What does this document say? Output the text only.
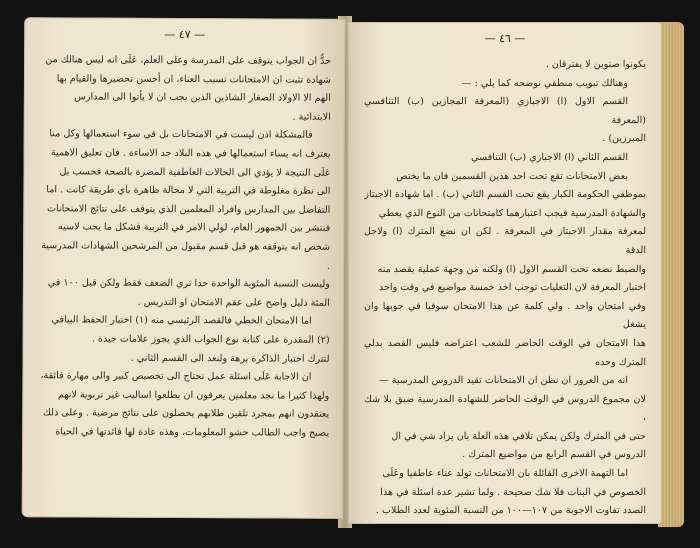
— ٤٧ —

حدٌّ ان الجواب يتوقف على المدرسة وعلى العلم، عَلَى انه ليس هنالك من

شهادة تثبت ان الامتحانات تسبب العناء، ان أحسن تحضيرها والقيام بها

الهم الا الاولاد الصغار الشاذين الذين يجب ان لا يأتوا الى المدارس

الابتدائية .

فالمشكلة اذن ليست في الامتحانات بل في سوء استعمالها وكل منا

يعترف انه يساء استعمالها في هذه البلاد جد الاساءة . فان تعليق الاهمية

عَلَى النتيجة لا يؤدي الى الحالات العاطفية المضرة بالصحة فحسب بل

الى نظرة مغلوطة في التربية التي لا محالة ظاهرة باي طريقة كانت . اما

التفاضل بين المدارس وافراد المعلمين الذي يتوقف على نتائج الامتحانات

فنتشر بين الجمهور العام، لولي الامر في التربية فشكل ما يجب لاسيه

شخص انه يتوقفه هو قبل قسم مقبول من المرشحين الشهادات المدرسية .

وليست النسبة المئوية الواحدة حدا تري الضعف فقط ولكن قبل ١٠٠ في

المئة دليل واضح على عقم الامتحان او التدريس .

اما الامتحان الخطي فالقصد الرئيسي منه (١) اختبار الحفظ البيافي

(٢) المقدرة على كتابة نوع الجواب الذي يجوز علامات جيدة .

لتترك اختبار الذاكرة برهة ولنعد الى القسم الثاني .

ان الاجابة عَلَى اسئلة عمل تحتاج الى تخصيص كبير والى مهارة فائقة،

ولهذا كثيرا ما نجد معلمين يعرفون ان يطلعوا اساليب غير تربوية لانهم

يعتقدون انهم بمجرد تلقين طلابهم يحصلون على نتائج مرضية . وعلى ذلك

يصبح واجب الطالب حشو المعلومات، وهذه عادة لها فائدتها في الحياة

— ٤٦ —

يكونوا صنوين لا يفترقان .

وهنالك تبويب منطقي نوضحه كما يلي : —

القسم الاول (ا) الاجبازي (المعرفة المجازين (ب) التنافسي (المعرفة

المبرزين) .

القسم الثاني (ا) الاجبازي (ب) التنافسي

بعض الامتحانات تقع تحت احد هذين القسمين فان ما يختص

بموظفي الحكومة الكبار يقع تحت القسم الثاني (ب) . اما شهادة الاجبتاز

والشهادة المدرسية فيجب اعتبارهما كامتحانات من النوع الذي يعطي

لمعرفة مقدار الاجبتاز في المعرفة . لكن ان نضع المترك (ا) ولاجل الدقة

والضبط نضعه تحت القسم الاول (ا) ولكنه من وجهة عملية يقصد منه

اختبار المعرفة لان التعليات توجب اخذ خمسة مواضيع في وقت واحد

وفي امتحان واحد . ولي كلمة عن هذا الامتحان سوفيا في جوبها وان يشغل

هذا الامتحان في الوقت الحاضر للشعب اعتراضه فليس القصد بدلي المترك وحده

انه من العرور ان نظن ان الامتحانات تقيد الدروس المدرسية —

لان مجموع الدروس في الوقت الحاضر للشهادة المدرسية ضيق بلا شك ،

حتى في المترك ولكن يمكن تلافي هذه العلة بان يزاد شي في ال

الدروس في القسم الرابع من مواضيع المترك .

اما التهمة الاخرى القائلة بان الامتحانات تولد عناء عاطفيا وعَلَى

الخصوص في البنات فلا شك صحيحة . ولما تشير عدة اسئلة في هذا

الصدد تفاوت الاجوبة من ١٠٧—١٠٠ من النسبة المئوية لعدد الطلاب .
